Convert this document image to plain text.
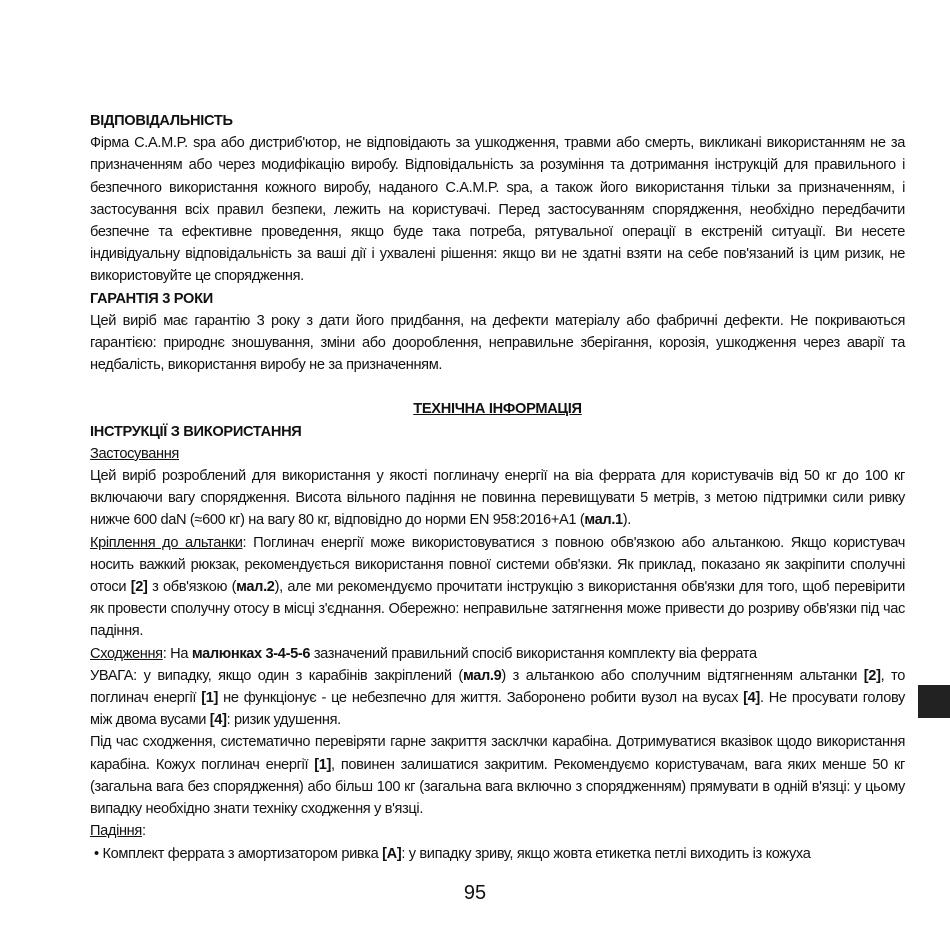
ВІДПОВІДАЛЬНІСТЬ

Фірма C.A.M.P. spa або дистриб'ютор, не відповідають за ушкодження, травми або смерть, викликані використанням не за призначенням або через модифікацію виробу. Відповідальність за розуміння та дотримання інструкцій для правильного і безпечного використання кожного виробу, наданого C.A.M.P. spa, а також його використання тільки за призначенням, і застосування всіх правил безпеки, лежить на користувачі. Перед застосуванням спорядження, необхідно передбачити безпечне та ефективне проведення, якщо буде така потреба, рятувальної операції в екстреній ситуації. Ви несете індивідуальну відповідальність за ваші дії і ухвалені рішення: якщо ви не здатні взяти на себе пов'язаний із цим ризик, не використовуйте це спорядження.

ГАРАНТІЯ 3 РОКИ

Цей виріб має гарантію 3 року з дати його придбання, на дефекти матеріалу або фабричні дефекти. Не покриваються гарантією: природнє зношування, зміни або доороблення, неправильне зберігання, корозія, ушкодження через аварії та недбалість, використання виробу не за призначенням.

ТЕХНІЧНА ІНФОРМАЦІЯ

ІНСТРУКЦІЇ З ВИКОРИСТАННЯ

Застосування

Цей виріб розроблений для використання у якості поглиначу енергії на віа феррата для користувачів від 50 кг до 100 кг включаючи вагу спорядження. Висота вільного падіння не повинна перевищувати 5 метрів, з метою підтримки сили ривку нижче 600 daN (≈600 кг) на вагу 80 кг, відповідно до норми EN 958:2016+A1 (мал.1).

Кріплення до альтанки: Поглинач енергії може використовуватися з повною обв'язкою або альтанкою. Якщо користувач носить важкий рюкзак, рекомендується використання повної системи обв'язки. Як приклад, показано як закріпити сполучні отоси [2] з обв'язкою (мал.2), але ми рекомендуємо прочитати інструкцію з використання обв'язки для того, щоб перевірити як провести сполучну отосу в місці з'єднання. Обережно: неправильне затягнення може привести до розриву обв'язки під час падіння.

Сходження: На малюнках 3-4-5-6 зазначений правильний спосіб використання комплекту віа феррата

УВАГА: у випадку, якщо один з карабінів закріплений (мал.9) з альтанкою або сполучним відтягненням альтанки [2], то поглинач енергії [1] не функціонує - це небезпечно для життя. Заборонено робити вузол на вусах [4]. Не просувати голову між двома вусами [4]: ризик удушення.

Під час сходження, систематично перевіряти гарне закриття засклчки карабіна. Дотримуватися вказівок щодо використання карабіна. Кожух поглинач енергії [1], повинен залишатися закритим. Рекомендуємо користувачам, вага яких менше 50 кг (загальна вага без спорядження) або більш 100 кг (загальна вага включно з спорядженням) прямувати в одній в'язці: у цьому випадку необхідно знати техніку сходження у в'язці.

Падіння:

• Комплект феррата з амортизатором ривка [A]: у випадку зриву, якщо жовта етикетка петлі виходить із кожуха

95
